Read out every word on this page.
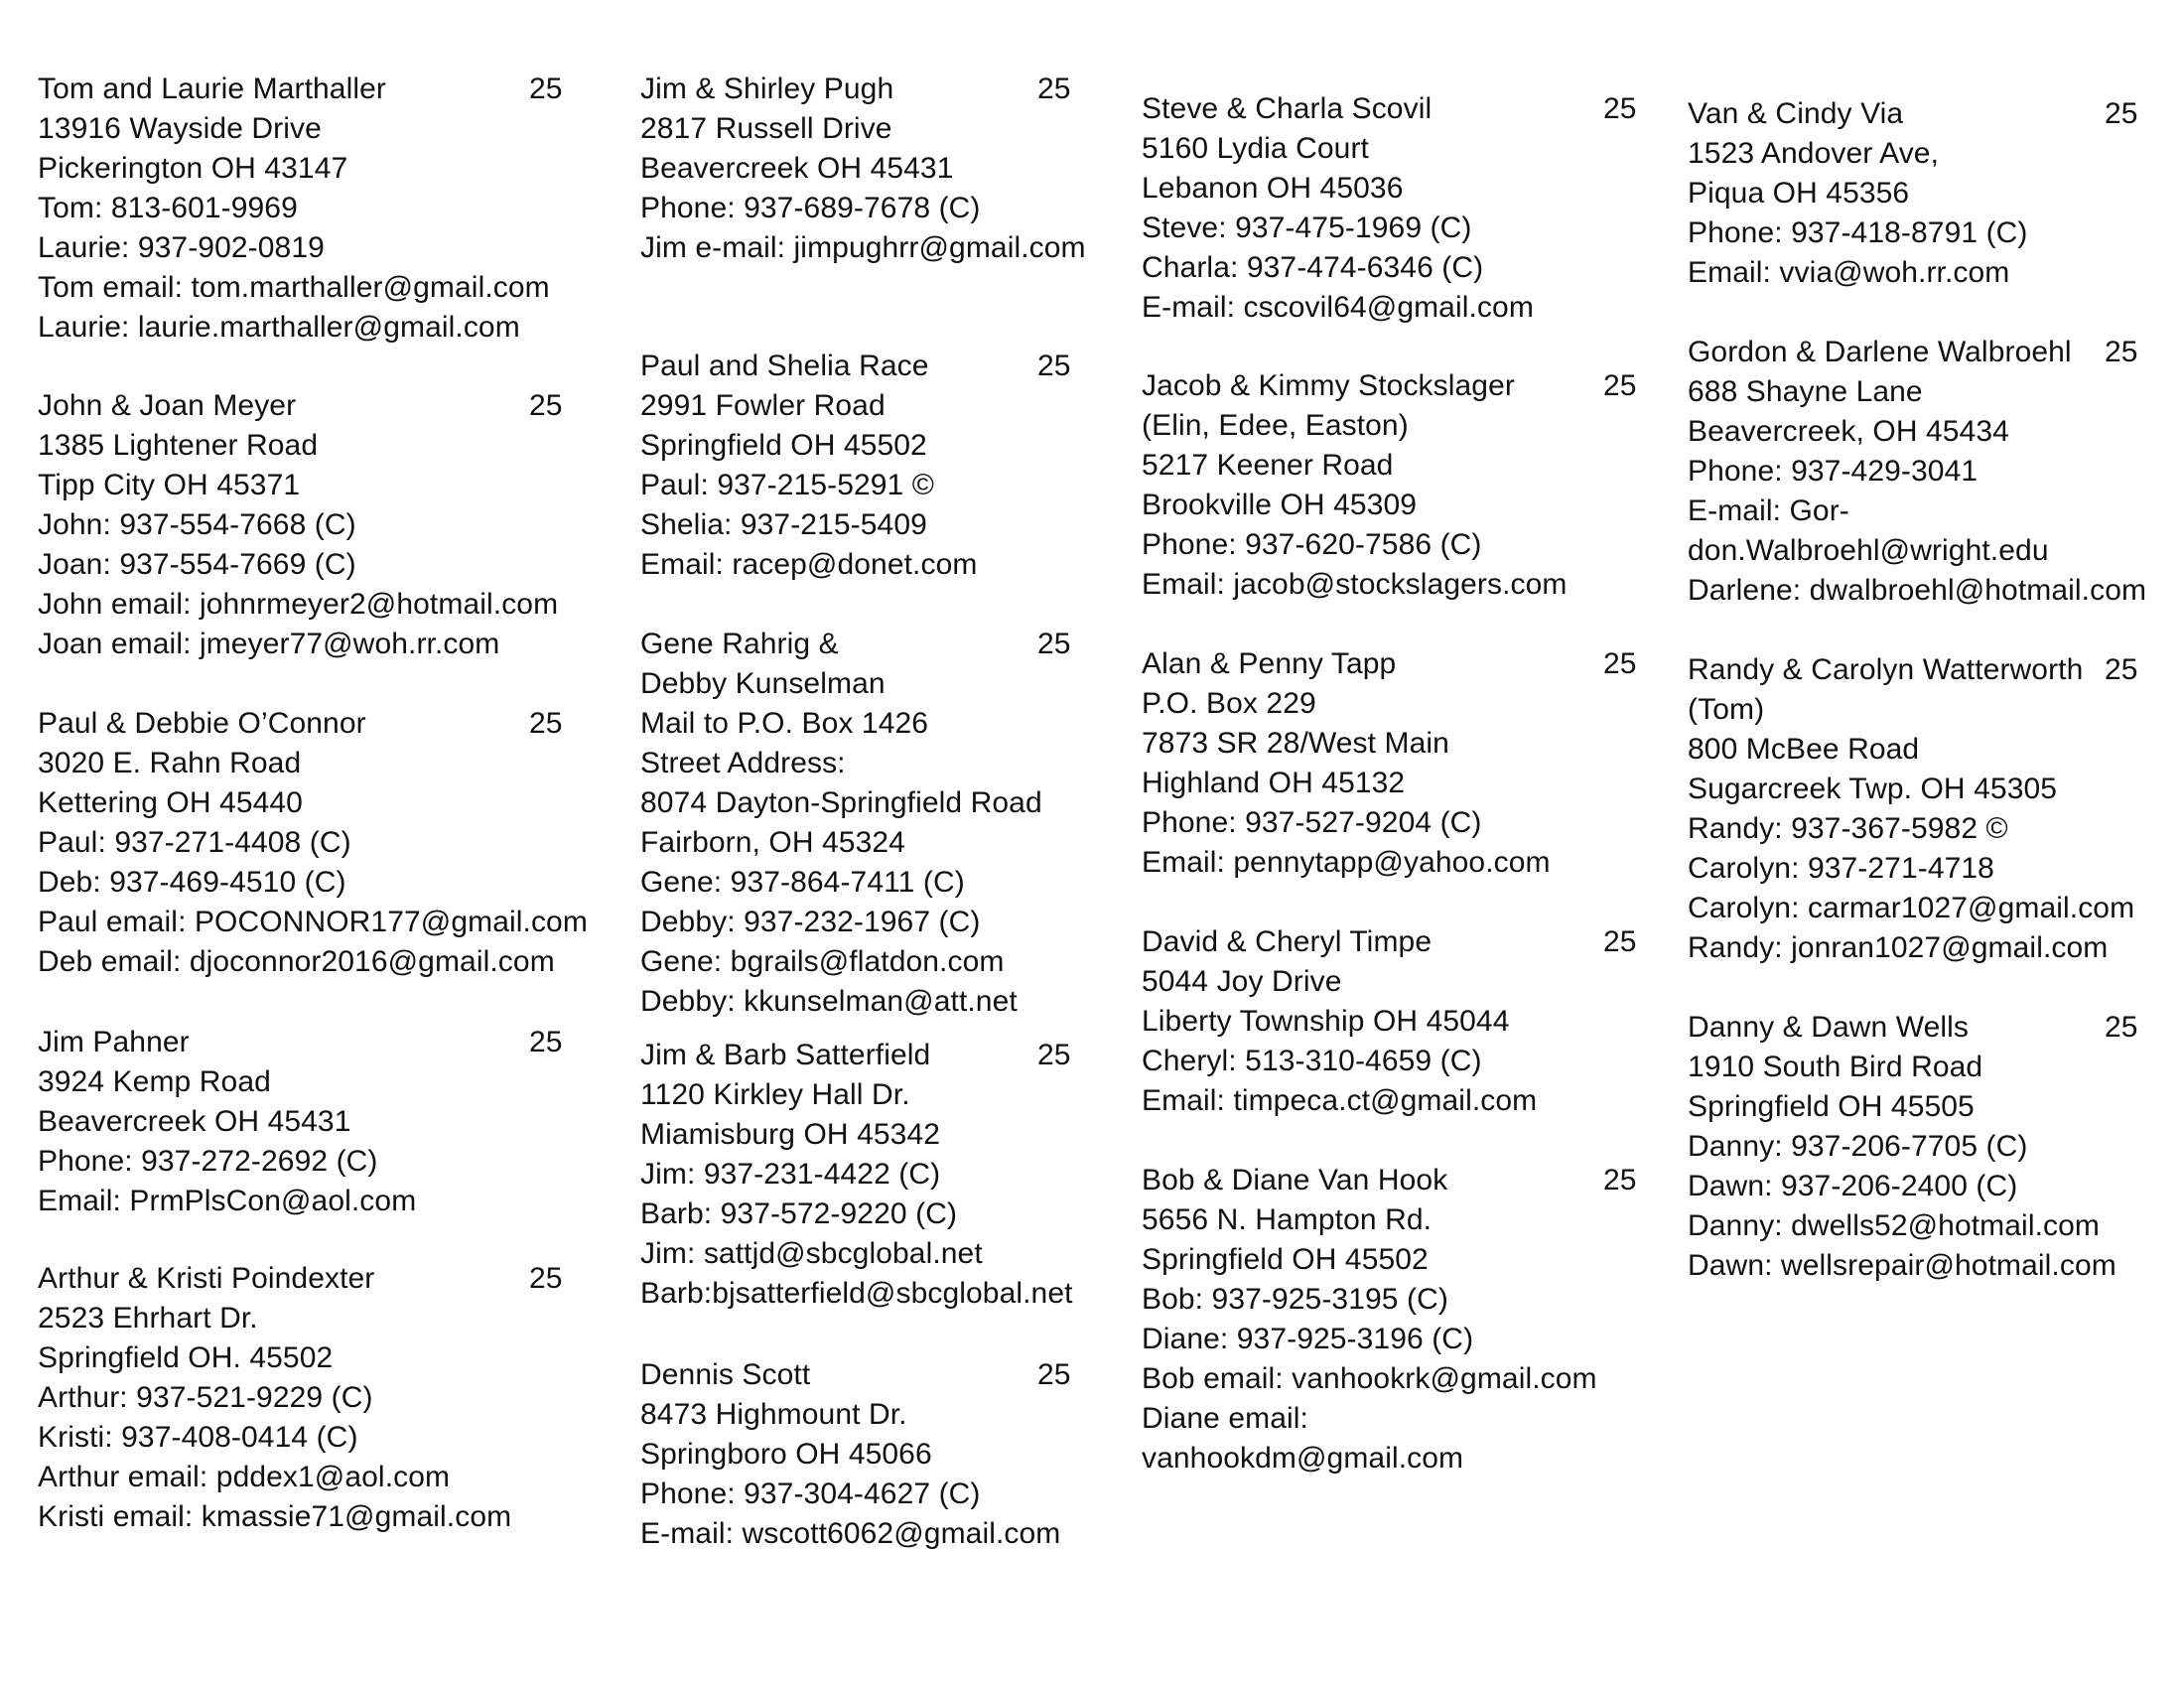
Tom and Laurie Marthaller	25
13916 Wayside Drive
Pickerington OH 43147
Tom: 813-601-9969
Laurie: 937-902-0819
Tom email: tom.marthaller@gmail.com
Laurie: laurie.marthaller@gmail.com
John & Joan Meyer	25
1385 Lightener Road
Tipp City OH 45371
John: 937-554-7668 (C)
Joan: 937-554-7669 (C)
John email: johnrmeyer2@hotmail.com
Joan email: jmeyer77@woh.rr.com
Paul & Debbie O’Connor	25
3020 E. Rahn Road
Kettering OH 45440
Paul: 937-271-4408 (C)
Deb: 937-469-4510 (C)
Paul email: POCONNOR177@gmail.com
Deb email: djoconnor2016@gmail.com
Jim Pahner	25
3924 Kemp Road
Beavercreek OH 45431
Phone: 937-272-2692 (C)
Email: PrmPlsCon@aol.com
Arthur & Kristi Poindexter	25
2523 Ehrhart Dr.
Springfield OH. 45502
Arthur: 937-521-9229 (C)
Kristi: 937-408-0414 (C)
Arthur email: pddex1@aol.com
Kristi email: kmassie71@gmail.com
Jim & Shirley Pugh	25
2817 Russell Drive
Beavercreek OH 45431
Phone: 937-689-7678 (C)
Jim e-mail: jimpughrr@gmail.com
Paul and Shelia Race	25
2991 Fowler Road
Springfield OH 45502
Paul: 937-215-5291 ©
Shelia: 937-215-5409
Email: racep@donet.com
Gene Rahrig &	25
Debby Kunselman
Mail to P.O. Box 1426
Street Address:
8074 Dayton-Springfield Road
Fairborn, OH 45324
Gene: 937-864-7411 (C)
Debby: 937-232-1967 (C)
Gene: bgrails@flatdon.com
Debby: kkunselman@att.net
Jim & Barb Satterfield	25
1120 Kirkley Hall Dr.
Miamisburg OH 45342
Jim: 937-231-4422 (C)
Barb: 937-572-9220 (C)
Jim: sattjd@sbcglobal.net
Barb:bjsatterfield@sbcglobal.net
Dennis Scott	25
8473 Highmount Dr.
Springboro OH 45066
Phone: 937-304-4627 (C)
E-mail: wscott6062@gmail.com
Steve & Charla Scovil	25
5160 Lydia Court
Lebanon OH 45036
Steve: 937-475-1969 (C)
Charla: 937-474-6346 (C)
E-mail: cscovil64@gmail.com
Jacob & Kimmy Stockslager	25
(Elin, Edee, Easton)
5217 Keener Road
Brookville OH 45309
Phone: 937-620-7586 (C)
Email: jacob@stockslagers.com
Alan & Penny Tapp	25
P.O. Box 229
7873 SR 28/West Main
Highland OH 45132
Phone: 937-527-9204 (C)
Email: pennytapp@yahoo.com
David & Cheryl Timpe	25
5044 Joy Drive
Liberty Township OH 45044
Cheryl: 513-310-4659 (C)
Email: timpeca.ct@gmail.com
Bob & Diane Van Hook	25
5656 N. Hampton Rd.
Springfield OH 45502
Bob: 937-925-3195 (C)
Diane: 937-925-3196 (C)
Bob email: vanhookrk@gmail.com
Diane email:
vanhookdm@gmail.com
Van & Cindy Via	25
1523 Andover Ave,
Piqua OH 45356
Phone: 937-418-8791 (C)
Email: vvia@woh.rr.com
Gordon & Darlene Walbroehl 25
688 Shayne Lane
Beavercreek, OH 45434
Phone: 937-429-3041
E-mail: Gor-
don.Walbroehl@wright.edu
Darlene: dwalbroehl@hotmail.com
Randy & Carolyn Watterworth 25
(Tom)
800 McBee Road
Sugarcreek Twp. OH 45305
Randy: 937-367-5982 ©
Carolyn: 937-271-4718
Carolyn: carmar1027@gmail.com
Randy: jonran1027@gmail.com
Danny & Dawn Wells	25
1910 South Bird Road
Springfield OH 45505
Danny: 937-206-7705 (C)
Dawn: 937-206-2400 (C)
Danny: dwells52@hotmail.com
Dawn: wellsrepair@hotmail.com
